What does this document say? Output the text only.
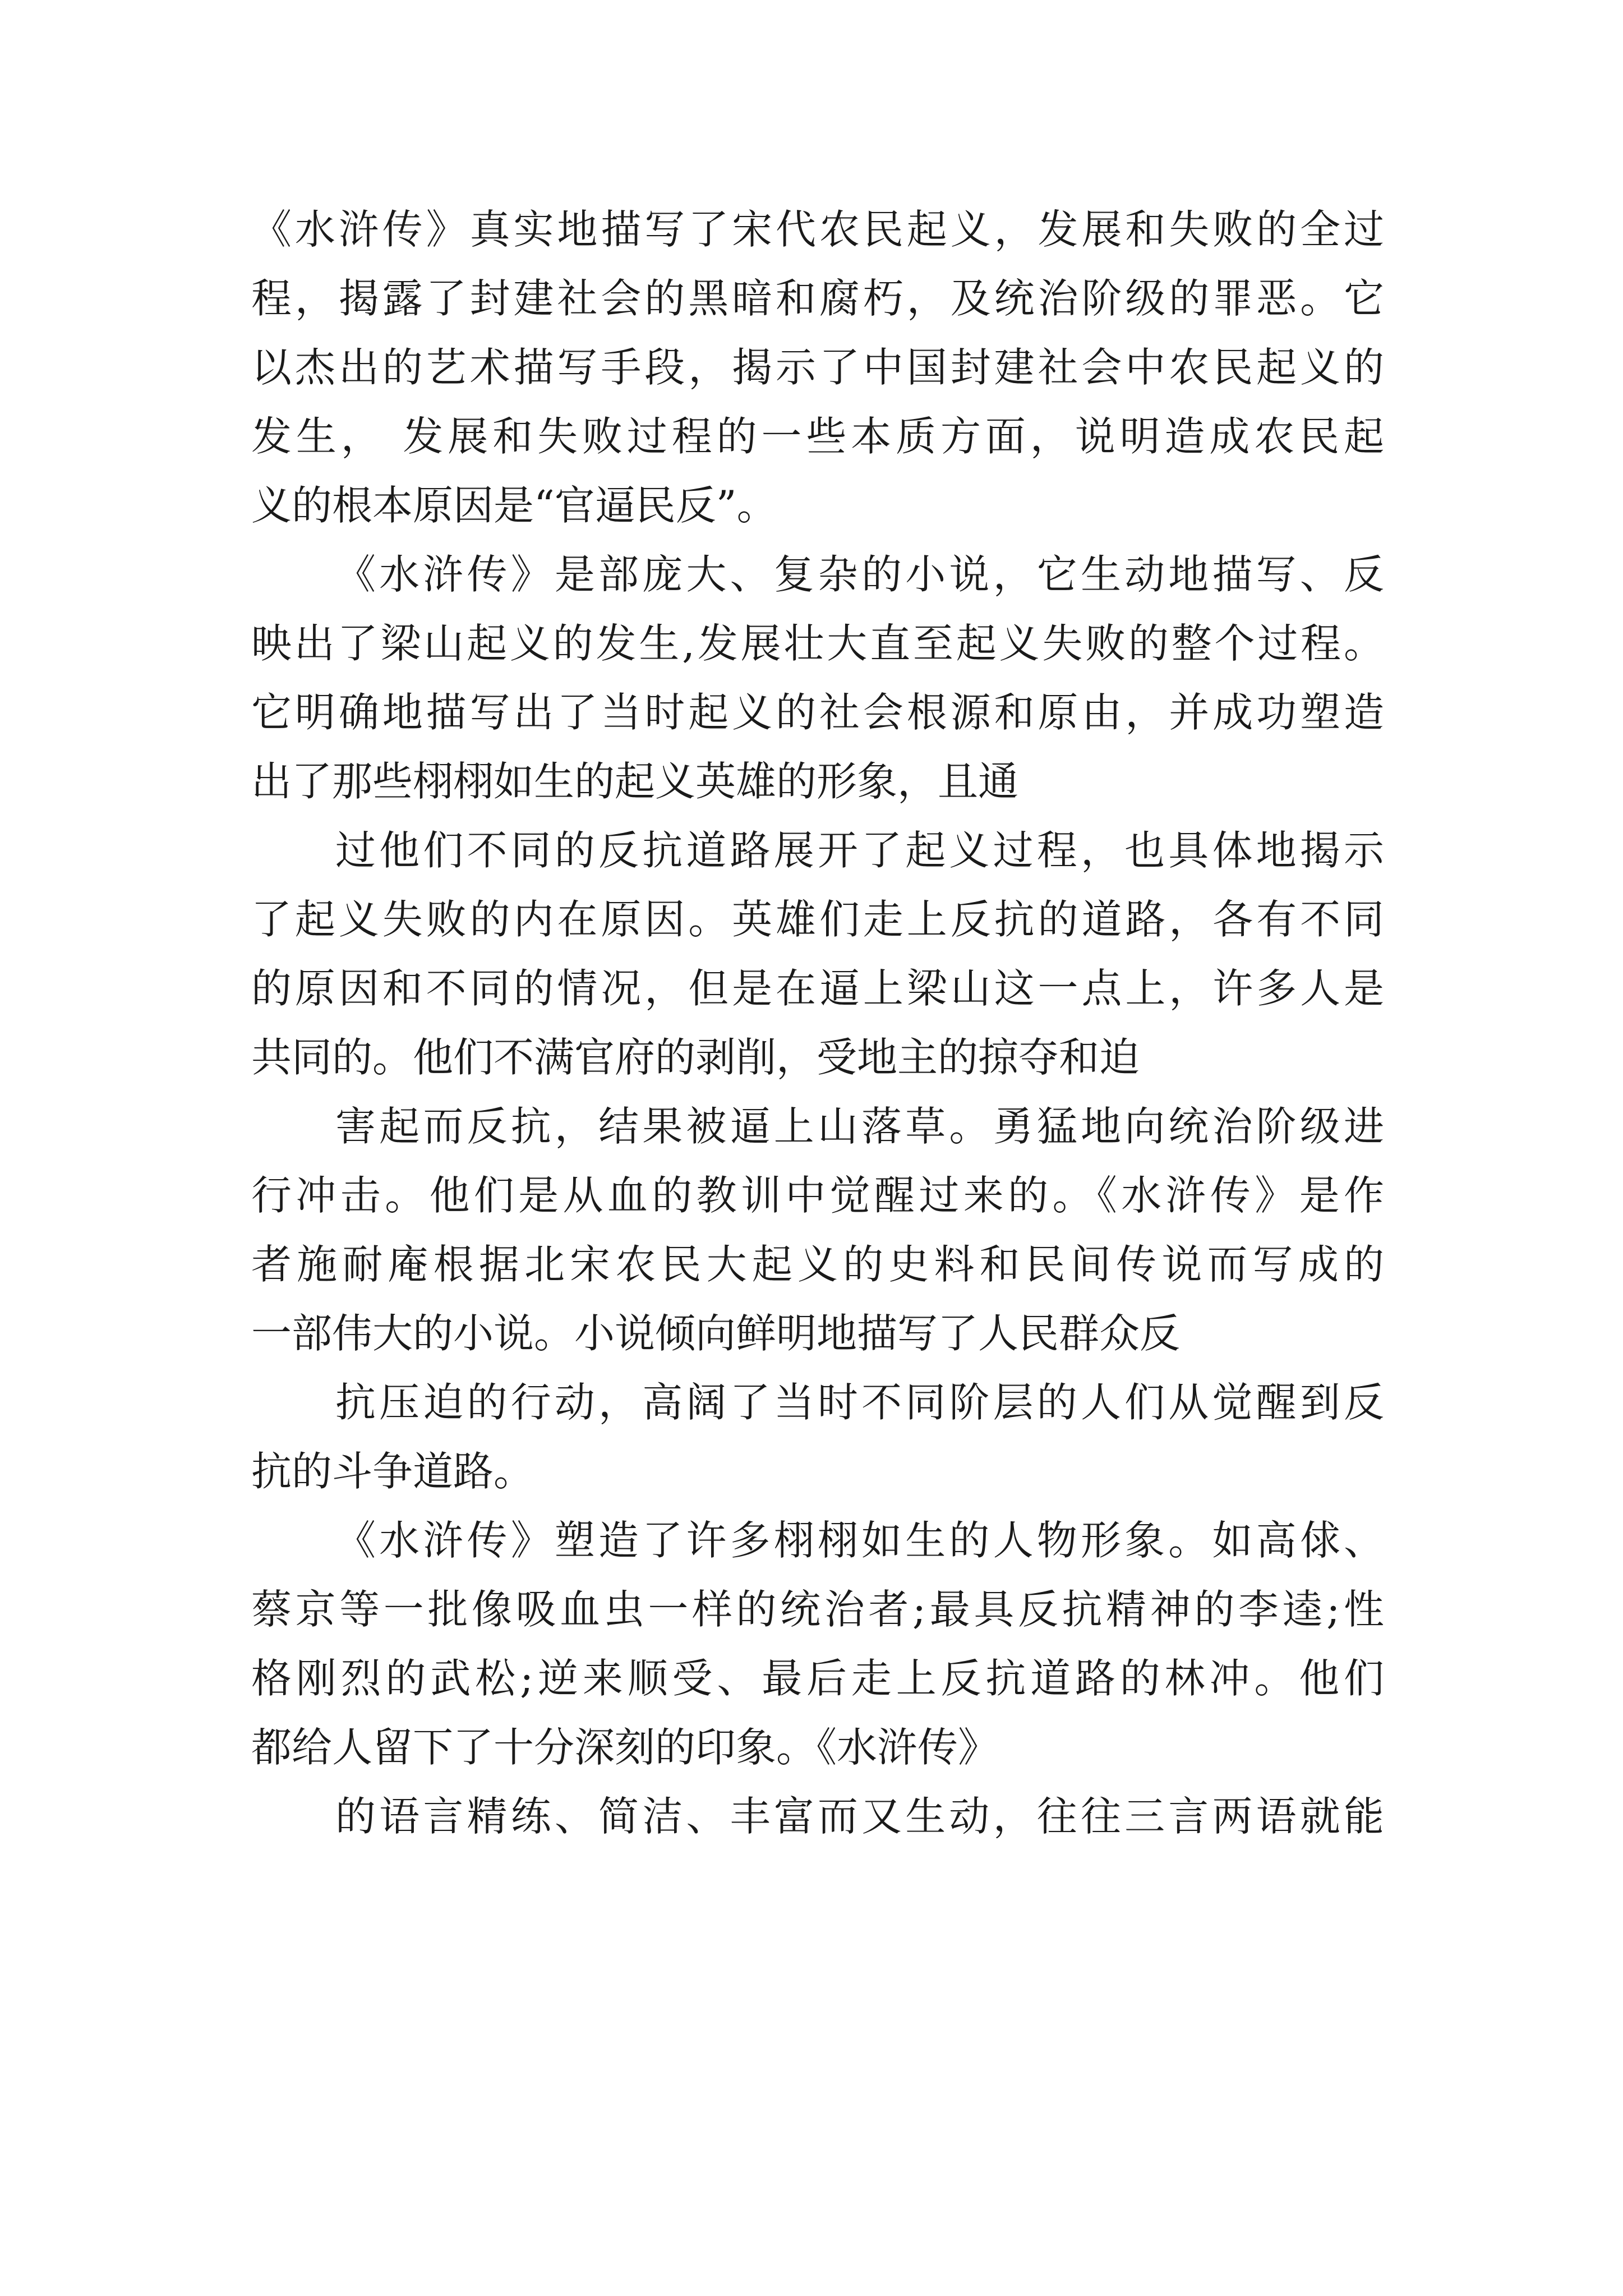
《水浒传》真实地描写了宋代农民起义，发展和失败的全过
程，揭露了封建社会的黑暗和腐朽，及统治阶级的罪恶。它
以杰出的艺术描写手段，揭示了中国封建社会中农民起义的
发生， 发展和失败过程的一些本质方面，说明造成农民起
义的根本原因是“官逼民反”。
《水浒传》是部庞大、复杂的小说，它生动地描写、反
映出了梁山起义的发生,发展壮大直至起义失败的整个过程。
它明确地描写出了当时起义的社会根源和原由，并成功塑造
出了那些栩栩如生的起义英雄的形象，且通
过他们不同的反抗道路展开了起义过程，也具体地揭示
了起义失败的内在原因。英雄们走上反抗的道路，各有不同
的原因和不同的情况，但是在逼上梁山这一点上，许多人是
共同的。他们不满官府的剥削，受地主的掠夺和迫
害起而反抗，结果被逼上山落草。勇猛地向统治阶级进
行冲击。他们是从血的教训中觉醒过来的。《水浒传》是作
者施耐庵根据北宋农民大起义的史料和民间传说而写成的
一部伟大的小说。小说倾向鲜明地描写了人民群众反
抗压迫的行动，高阔了当时不同阶层的人们从觉醒到反
抗的斗争道路。
《水浒传》塑造了许多栩栩如生的人物形象。如高俅、
蔡京等一批像吸血虫一样的统治者;最具反抗精神的李逵;性
格刚烈的武松;逆来顺受、最后走上反抗道路的林冲。他们
都给人留下了十分深刻的印象。《水浒传》
的语言精练、简洁、丰富而又生动，往往三言两语就能
